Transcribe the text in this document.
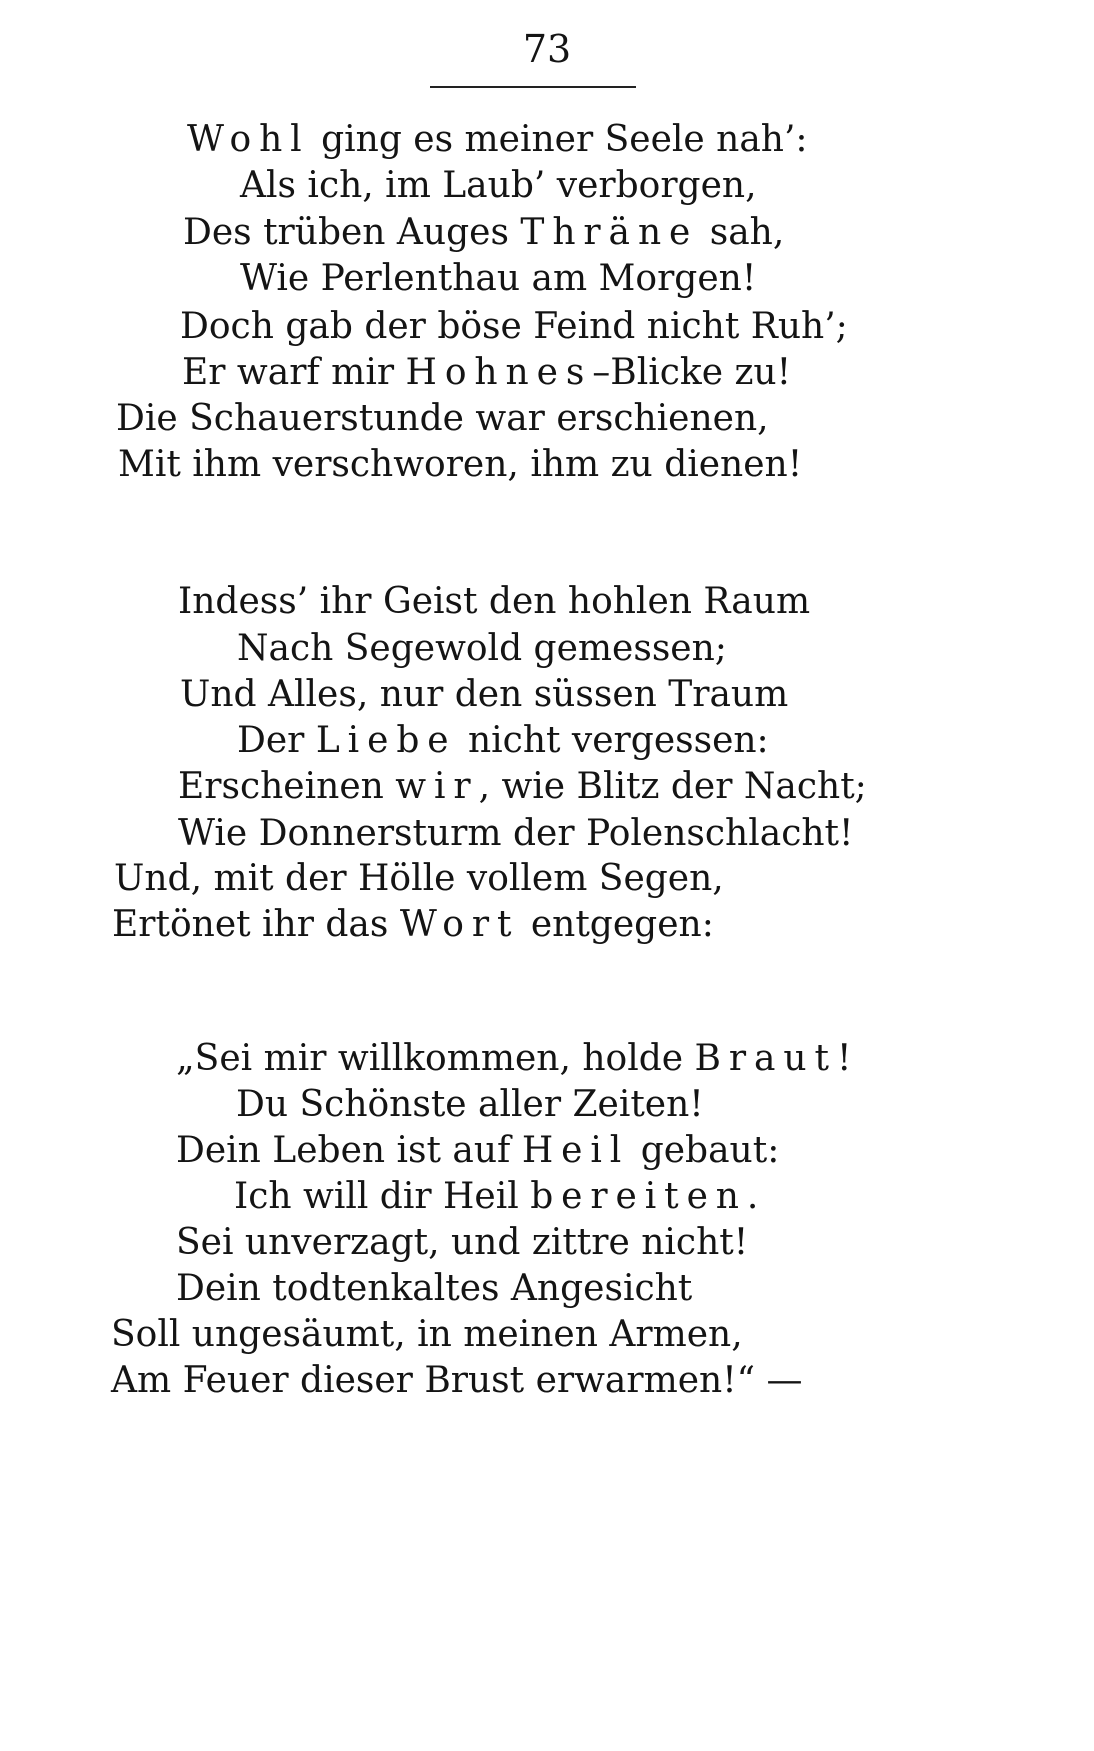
73
Wohl ging es meiner Seele nah’:
Als ich, im Laub’ verborgen,
Des trüben Auges Thräne sah,
Wie Perlenthau am Morgen!
Doch gab der böse Feind nicht Ruh’;
Er warf mir Hohnes–Blicke zu!
Die Schauerstunde war erschienen,
Mit ihm verschworen, ihm zu dienen!
Indess’ ihr Geist den hohlen Raum
Nach Segewold gemessen;
Und Alles, nur den süssen Traum
Der Liebe nicht vergessen:
Erscheinen wir, wie Blitz der Nacht;
Wie Donnersturm der Polenschlacht!
Und, mit der Hölle vollem Segen,
Ertönet ihr das Wort entgegen:
„Sei mir willkommen, holde Braut!
Du Schönste aller Zeiten!
Dein Leben ist auf Heil gebaut:
Ich will dir Heil bereiten.
Sei unverzagt, und zittre nicht!
Dein todtenkaltes Angesicht
Soll ungesäumt, in meinen Armen,
Am Feuer dieser Brust erwarmen!“ —
